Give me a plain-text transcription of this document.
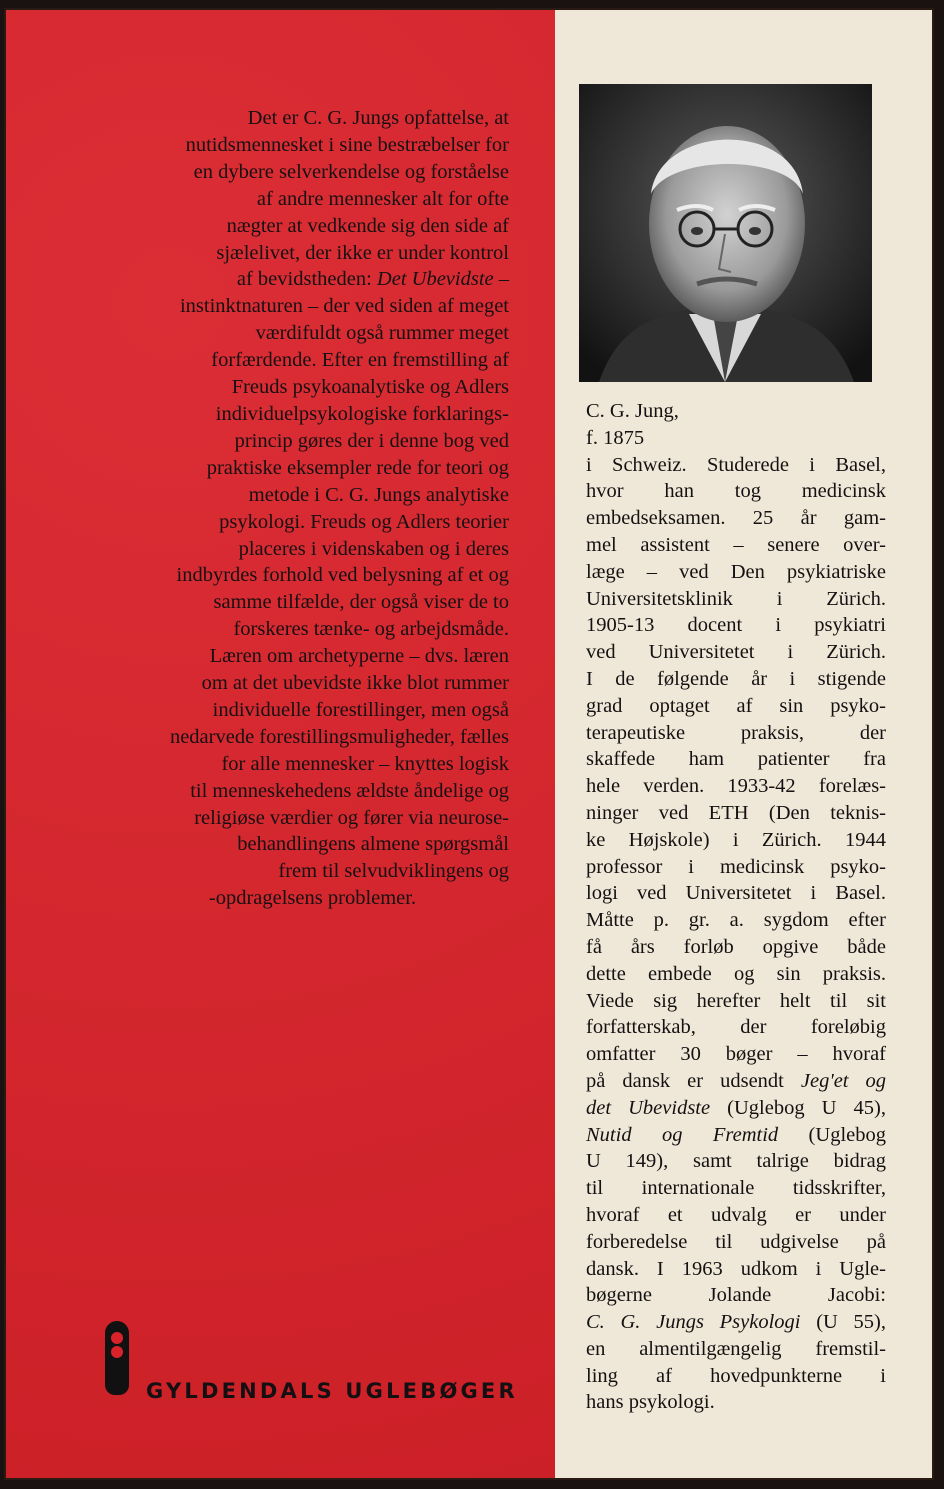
Det er C. G. Jungs opfattelse, at
nutidsmennesket i sine bestræbelser for
en dybere selverkendelse og forståelse
af andre mennesker alt for ofte
nægter at vedkende sig den side af
sjælelivet, der ikke er under kontrol
af bevidstheden: Det Ubevidste –
instinktnaturen – der ved siden af meget
værdifuldt også rummer meget
forfærdende. Efter en fremstilling af
Freuds psykoanalytiske og Adlers
individuelpsykologiske forklarings-
princip gøres der i denne bog ved
praktiske eksempler rede for teori og
metode i C. G. Jungs analytiske
psykologi. Freuds og Adlers teorier
placeres i videnskaben og i deres
indbyrdes forhold ved belysning af et og
samme tilfælde, der også viser de to
forskeres tænke- og arbejdsmåde.
Læren om archetyperne – dvs. læren
om at det ubevidste ikke blot rummer
individuelle forestillinger, men også
nedarvede forestillingsmuligheder, fælles
for alle mennesker – knyttes logisk
til menneskehedens ældste åndelige og
religiøse værdier og fører via neurose-
behandlingens almene spørgsmål
frem til selvudviklingens og
-opdragelsens problemer.
GYLDENDALS UGLEBØGER
C. G. Jung,
f. 1875
i Schweiz. Studerede i Basel,
hvor han tog medicinsk
embedseksamen. 25 år gam-
mel assistent – senere over-
læge – ved Den psykiatriske
Universitetsklinik i Zürich.
1905-13 docent i psykiatri
ved Universitetet i Zürich.
I de følgende år i stigende
grad optaget af sin psyko-
terapeutiske praksis, der
skaffede ham patienter fra
hele verden. 1933-42 forelæs-
ninger ved ETH (Den teknis-
ke Højskole) i Zürich. 1944
professor i medicinsk psyko-
logi ved Universitetet i Basel.
Måtte p. gr. a. sygdom efter
få års forløb opgive både
dette embede og sin praksis.
Viede sig herefter helt til sit
forfatterskab, der foreløbig
omfatter 30 bøger – hvoraf
på dansk er udsendt Jeg'et og
det Ubevidste (Uglebog U 45),
Nutid og Fremtid (Uglebog
U 149), samt talrige bidrag
til internationale tidsskrifter,
hvoraf et udvalg er under
forberedelse til udgivelse på
dansk. I 1963 udkom i Ugle-
bøgerne Jolande Jacobi:
C. G. Jungs Psykologi (U 55),
en almentilgængelig fremstil-
ling af hovedpunkterne i
hans psykologi.
